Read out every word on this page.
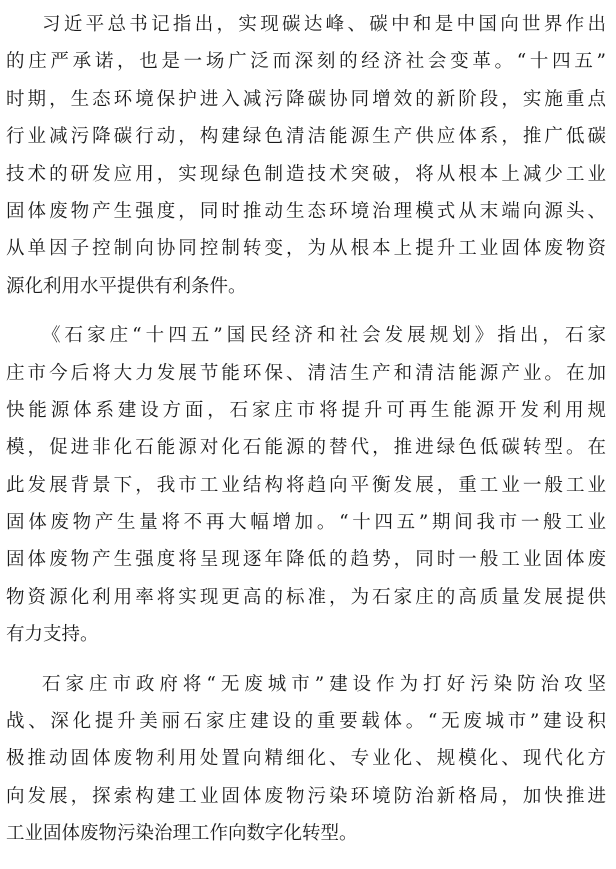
习近平总书记指出，实现碳达峰、碳中和是中国向世界作出
的庄严承诺，也是一场广泛而深刻的经济社会变革。“十四五”
时期，生态环境保护进入减污降碳协同增效的新阶段，实施重点
行业减污降碳行动，构建绿色清洁能源生产供应体系，推广低碳
技术的研发应用，实现绿色制造技术突破，将从根本上减少工业
固体废物产生强度，同时推动生态环境治理模式从末端向源头、
从单因子控制向协同控制转变，为从根本上提升工业固体废物资
源化利用水平提供有利条件。
《石家庄“十四五”国民经济和社会发展规划》指出，石家
庄市今后将大力发展节能环保、清洁生产和清洁能源产业。在加
快能源体系建设方面，石家庄市将提升可再生能源开发利用规
模，促进非化石能源对化石能源的替代，推进绿色低碳转型。在
此发展背景下，我市工业结构将趋向平衡发展，重工业一般工业
固体废物产生量将不再大幅增加。“十四五”期间我市一般工业
固体废物产生强度将呈现逐年降低的趋势，同时一般工业固体废
物资源化利用率将实现更高的标准，为石家庄的高质量发展提供
有力支持。
石家庄市政府将“无废城市”建设作为打好污染防治攻坚
战、深化提升美丽石家庄建设的重要载体。“无废城市”建设积
极推动固体废物利用处置向精细化、专业化、规模化、现代化方
向发展，探索构建工业固体废物污染环境防治新格局，加快推进
工业固体废物污染治理工作向数字化转型。
